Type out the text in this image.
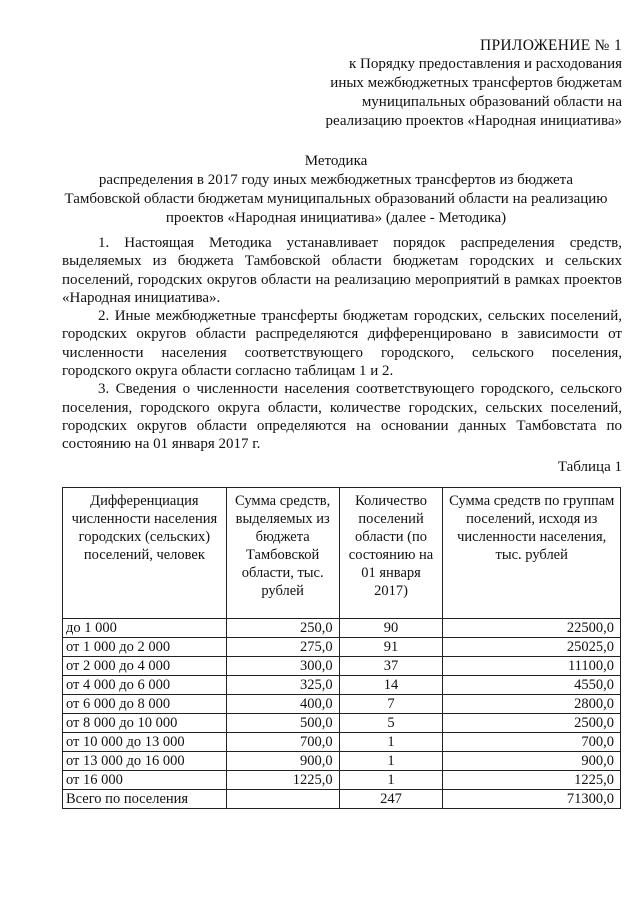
ПРИЛОЖЕНИЕ № 1
к Порядку предоставления и расходования
иных межбюджетных трансфертов бюджетам
муниципальных образований области на
реализацию проектов «Народная инициатива»
Методика
распределения в 2017 году иных межбюджетных трансфертов из бюджета
Тамбовской области бюджетам муниципальных образований области на реализацию
проектов «Народная инициатива» (далее - Методика)

1. Настоящая Методика устанавливает порядок распределения средств, выделяемых из бюджета Тамбовской области бюджетам городских и сельских поселений, городских округов области на реализацию мероприятий в рамках проектов «Народная инициатива».

2. Иные межбюджетные трансферты бюджетам городских, сельских поселений, городских округов области распределяются дифференцировано в зависимости от численности населения соответствующего городского, сельского поселения, городского округа области согласно таблицам 1 и 2.

3. Сведения о численности населения соответствующего городского, сельского поселения, городского округа области, количестве городских, сельских поселений, городских округов области определяются на основании данных Тамбовстата по состоянию на 01 января 2017 г.

Таблица 1
Дифференциация численности населения городских (сельских) поселений, человек	Сумма средств, выделяемых из бюджета Тамбовской области, тыс. рублей	Количество поселений области (по состоянию на 01 января 2017)	Сумма средств по группам поселений, исходя из численности населения, тыс. рублей
до 1 000	250,0	90	22500,0
от 1 000 до 2 000	275,0	91	25025,0
от 2 000 до 4 000	300,0	37	11100,0
от 4 000 до 6 000	325,0	14	4550,0
от 6 000 до 8 000	400,0	7	2800,0
от 8 000 до 10 000	500,0	5	2500,0
от 10 000 до 13 000	700,0	1	700,0
от 13 000 до 16 000	900,0	1	900,0
от 16 000	1225,0	1	1225,0
Всего по поселения		247	71300,0
